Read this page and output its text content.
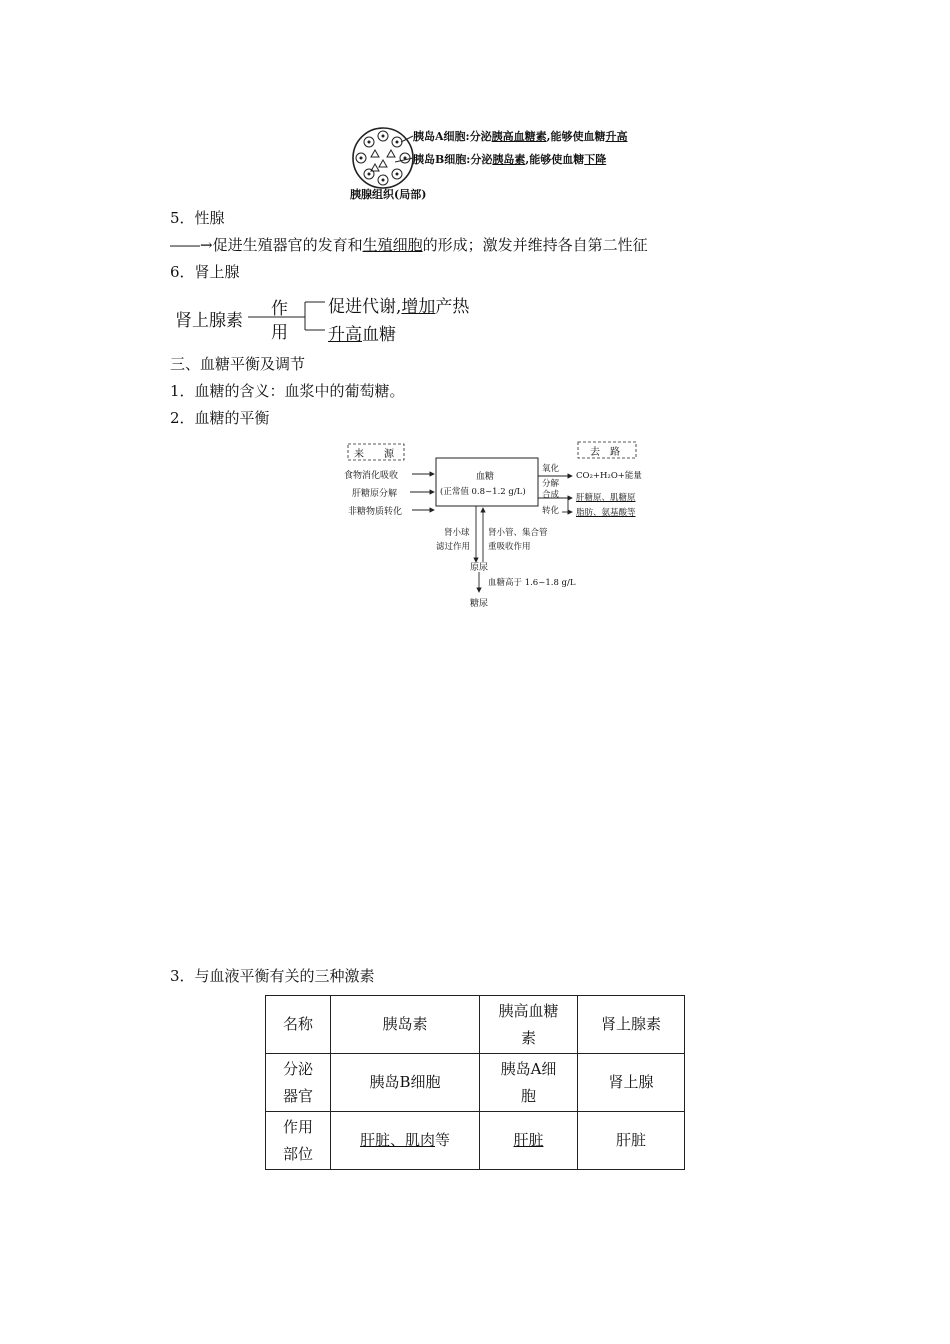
胰岛A细胞:分泌胰高血糖素,能够使血糖升高
胰岛B细胞:分泌胰岛素,能够使血糖下降
胰腺组织(局部)
5．性腺
――→促进生殖器官的发育和生殖细胞的形成；激发并维持各自第二性征
6．肾上腺
肾上腺素
作
用
促进代谢,增加产热
升高血糖
三、血糖平衡及调节
1．血糖的含义：血浆中的葡萄糖。
2．血糖的平衡
来　　源	去　路
食物消化吸收
肝糖原分解
非糖物质转化
血糖
(正常值 0.8~1.2 g/L)
氧化
分解
CO₂+H₂O+能量
合成
转化
肝糖原、肌糖原
脂肪、氨基酸等
肾小球
滤过作用
肾小管、集合管
重吸收作用
原尿
血糖高于 1.6~1.8 g/L
糖尿
3．与血液平衡有关的三种激素
名称	胰岛素	胰高血糖素	肾上腺素

分泌器官	胰岛B细胞	胰岛A细胞	肾上腺

作用部位	肝脏、肌肉等	肝脏	肝脏
